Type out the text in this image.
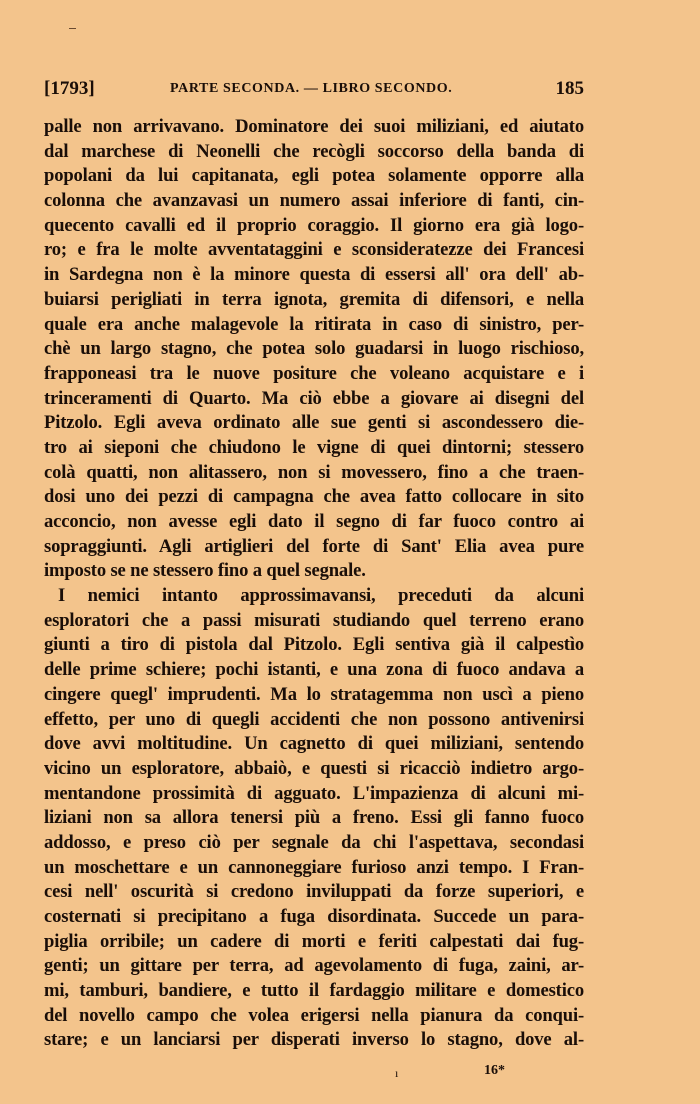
[1793]	PARTE SECONDA. — LIBRO SECONDO.	185
palle non arrivavano. Dominatore dei suoi miliziani, ed aiutato
dal marchese di Neonelli che recògli soccorso della banda di
popolani da lui capitanata, egli potea solamente opporre alla
colonna che avanzavasi un numero assai inferiore di fanti, cin-
quecento cavalli ed il proprio coraggio. Il giorno era già logo-
ro; e fra le molte avventataggini e sconsideratezze dei Francesi
in Sardegna non è la minore questa di essersi all' ora dell' ab-
buiarsi perigliati in terra ignota, gremita di difensori, e nella
quale era anche malagevole la ritirata in caso di sinistro, per-
chè un largo stagno, che potea solo guadarsi in luogo rischioso,
frapponeasi tra le nuove positure che voleano acquistare e i
trinceramenti di Quarto. Ma ciò ebbe a giovare ai disegni del
Pitzolo. Egli aveva ordinato alle sue genti si ascondessero die-
tro ai sieponi che chiudono le vigne di quei dintorni; stessero
colà quatti, non alitassero, non si movessero, fino a che traen-
dosi uno dei pezzi di campagna che avea fatto collocare in sito
acconcio, non avesse egli dato il segno di far fuoco contro ai
sopraggiunti. Agli artiglieri del forte di Sant' Elia avea pure
imposto se ne stessero fino a quel segnale.
I nemici intanto approssimavansi, preceduti da alcuni
esploratori che a passi misurati studiando quel terreno erano
giunti a tiro di pistola dal Pitzolo. Egli sentiva già il calpestìo
delle prime schiere; pochi istanti, e una zona di fuoco andava a
cingere quegl' imprudenti. Ma lo stratagemma non uscì a pieno
effetto, per uno di quegli accidenti che non possono antivenirsi
dove avvi moltitudine. Un cagnetto di quei miliziani, sentendo
vicino un esploratore, abbaiò, e questi si ricacciò indietro argo-
mentandone prossimità di agguato. L'impazienza di alcuni mi-
liziani non sa allora tenersi più a freno. Essi gli fanno fuoco
addosso, e preso ciò per segnale da chi l'aspettava, secondasi
un moschettare e un cannoneggiare furioso anzi tempo. I Fran-
cesi nell' oscurità si credono inviluppati da forze superiori, e
costernati si precipitano a fuga disordinata. Succede un para-
piglia orribile; un cadere di morti e feriti calpestati dai fug-
genti; un gittare per terra, ad agevolamento di fuga, zaini, ar-
mi, tamburi, bandiere, e tutto il fardaggio militare e domestico
del novello campo che volea erigersi nella pianura da conqui-
stare; e un lanciarsi per disperati inverso lo stagno, dove al-
ı	16*
